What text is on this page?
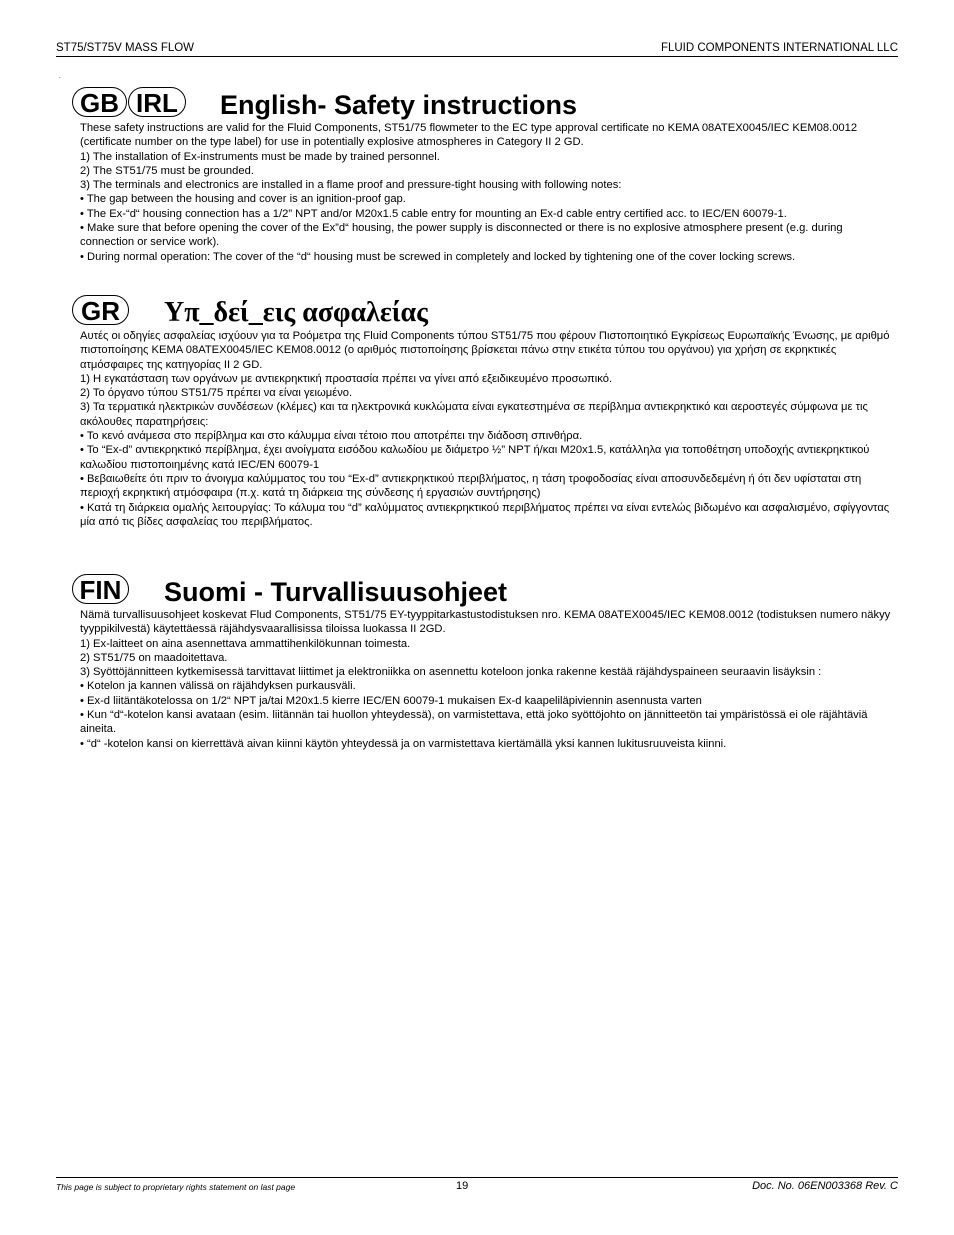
ST75/ST75V MASS FLOW	FLUID COMPONENTS INTERNATIONAL LLC
.
GB IRL English- Safety instructions

These safety instructions are valid for the Fluid Components, ST51/75 flowmeter to the EC type approval certificate no KEMA 08ATEX0045/IEC KEM08.0012 (certificate number on the type label) for use in potentially explosive atmospheres in Category II 2 GD.

1) The installation of Ex-instruments must be made by trained personnel.

2) The ST51/75 must be grounded.

3) The terminals and electronics are installed in a flame proof and pressure-tight housing with following notes:

• The gap between the housing and cover is an ignition-proof gap.

• The Ex-“d“ housing connection has a 1/2” NPT and/or M20x1.5 cable entry for mounting an Ex-d cable entry certified acc. to IEC/EN 60079-1.

• Make sure that before opening the cover of the Ex”d“ housing, the power supply is disconnected or there is no explosive atmosphere present (e.g. during connection or service work).

• During normal operation: The cover of the “d“ housing must be screwed in completely and locked by tightening one of the cover locking screws.

GR	Υπ_δεί_εις ασφαλείας

Αυτές οι οδηγίες ασφαλείας ισχύουν για τα Ροόμετρα της Fluid Components τύπου ST51/75 που φέρουν Πιστοποιητικό Εγκρίσεως Ευρωπαϊκής Ένωσης, με αριθμό πιστοποίησης KEMA 08ATEX0045/IEC KEM08.0012 (ο αριθμός πιστοποίησης βρίσκεται πάνω στην ετικέτα τύπου του οργάνου) για χρήση σε εκρηκτικές ατμόσφαιρες της κατηγορίας II 2 GD.

1) Η εγκατάσταση των οργάνων με αντιεκρηκτική προστασία πρέπει να γίνει από εξειδικευμένο προσωπικό.

2) Το όργανο τύπου ST51/75 πρέπει να είναι γειωμένο.

3) Τα τερματικά ηλεκτρικών συνδέσεων (κλέμες) και τα ηλεκτρονικά κυκλώματα είναι εγκατεστημένα σε περίβλημα αντιεκρηκτικό και αεροστεγές σύμφωνα με τις ακόλουθες παρατηρήσεις:

• Το κενό ανάμεσα στο περίβλημα και στο κάλυμμα είναι τέτοιο που αποτρέπει την διάδοση σπινθήρα.

• Το “Ex-d” αντιεκρηκτικό περίβλημα, έχει ανοίγματα εισόδου καλωδίου με διάμετρο ½” NPT ή/και M20x1.5, κατάλληλα για τοποθέτηση υποδοχής αντιεκρηκτικού καλωδίου πιστοποιημένης κατά IEC/EN 60079-1

• Βεβαιωθείτε ότι πριν το άνοιγμα καλύμματος του του “Ex-d” αντιεκρηκτικού περιβλήματος, η τάση τροφοδοσίας είναι αποσυνδεδεμένη ή ότι δεν υφίσταται στη περιοχή εκρηκτική ατμόσφαιρα (π.χ. κατά τη διάρκεια της σύνδεσης ή εργασιών συντήρησης)

• Κατά τη διάρκεια ομαλής λειτουργίας: Το κάλυμα του “d” καλύμματος αντιεκρηκτικού περιβλήματος πρέπει να είναι εντελώς βιδωμένο και ασφαλισμένο, σφίγγοντας μία από τις βίδες ασφαλείας του περιβλήματος.

FIN Suomi - Turvallisuusohjeet

Nämä turvallisuusohjeet koskevat Flud Components, ST51/75 EY-tyyppitarkastustodistuksen nro. KEMA 08ATEX0045/IEC KEM08.0012 (todistuksen numero näkyy tyyppikilvestä) käytettäessä räjähdysvaarallisissa tiloissa luokassa II 2GD.

1) Ex-laitteet on aina asennettava ammattihenkilökunnan toimesta.

2) ST51/75 on maadoitettava.

3) Syöttöjännitteen kytkemisessä tarvittavat liittimet ja elektroniikka on asennettu koteloon jonka rakenne kestää räjähdyspaineen seuraavin lisäyksin :

• Kotelon ja kannen välissä on räjähdyksen purkausväli.

• Ex-d liitäntäkotelossa on 1/2“ NPT ja/tai M20x1.5 kierre IEC/EN 60079-1 mukaisen Ex-d kaapeliläpiviennin asennusta varten

• Kun “d“-kotelon kansi avataan (esim. liitännän tai huollon yhteydessä), on varmistettava, että joko syöttöjohto on jännitteetön tai ympäristössä ei ole räjähtäviä aineita.

• “d“ -kotelon kansi on kierrettävä aivan kiinni käytön yhteydessä ja on varmistettava kiertämällä yksi kannen lukitusruuveista kiinni.

This page is subject to proprietary rights statement on last page	19	Doc. No. 06EN003368 Rev. C
